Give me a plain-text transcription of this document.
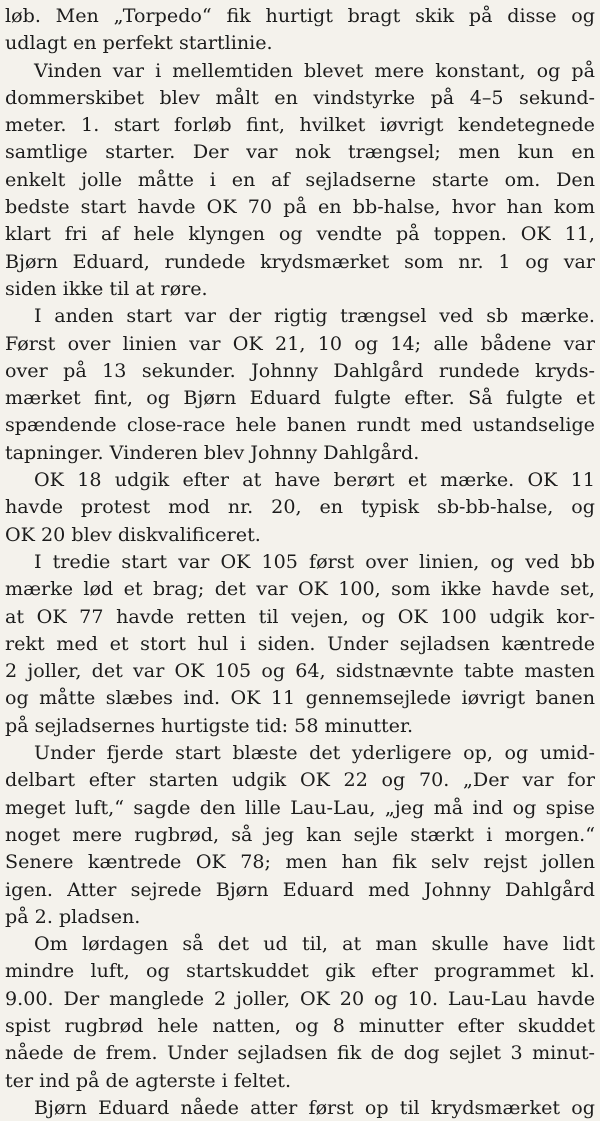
løb. Men „Torpedo“ fik hurtigt bragt skik på disse og
udlagt en perfekt startlinie.
Vinden var i mellemtiden blevet mere konstant, og på
dommerskibet blev målt en vindstyrke på 4–5 sekund-
meter. 1. start forløb fint, hvilket iøvrigt kendetegnede
samtlige starter. Der var nok trængsel; men kun en
enkelt jolle måtte i en af sejladserne starte om. Den
bedste start havde OK 70 på en bb-halse, hvor han kom
klart fri af hele klyngen og vendte på toppen. OK 11,
Bjørn Eduard, rundede krydsmærket som nr. 1 og var
siden ikke til at røre.
I anden start var der rigtig trængsel ved sb mærke.
Først over linien var OK 21, 10 og 14; alle bådene var
over på 13 sekunder. Johnny Dahlgård rundede kryds-
mærket fint, og Bjørn Eduard fulgte efter. Så fulgte et
spændende close-race hele banen rundt med ustandselige
tapninger. Vinderen blev Johnny Dahlgård.
OK 18 udgik efter at have berørt et mærke. OK 11
havde protest mod nr. 20, en typisk sb-bb-halse, og
OK 20 blev diskvalificeret.
I tredie start var OK 105 først over linien, og ved bb
mærke lød et brag; det var OK 100, som ikke havde set,
at OK 77 havde retten til vejen, og OK 100 udgik kor-
rekt med et stort hul i siden. Under sejladsen kæntrede
2 joller, det var OK 105 og 64, sidstnævnte tabte masten
og måtte slæbes ind. OK 11 gennemsejlede iøvrigt banen
på sejladsernes hurtigste tid: 58 minutter.
Under fjerde start blæste det yderligere op, og umid-
delbart efter starten udgik OK 22 og 70. „Der var for
meget luft,“ sagde den lille Lau-Lau, „jeg må ind og spise
noget mere rugbrød, så jeg kan sejle stærkt i morgen.“
Senere kæntrede OK 78; men han fik selv rejst jollen
igen. Atter sejrede Bjørn Eduard med Johnny Dahlgård
på 2. pladsen.
Om lørdagen så det ud til, at man skulle have lidt
mindre luft, og startskuddet gik efter programmet kl.
9.00. Der manglede 2 joller, OK 20 og 10. Lau-Lau havde
spist rugbrød hele natten, og 8 minutter efter skuddet
nåede de frem. Under sejladsen fik de dog sejlet 3 minut-
ter ind på de agterste i feltet.
Bjørn Eduard nåede atter først op til krydsmærket og
